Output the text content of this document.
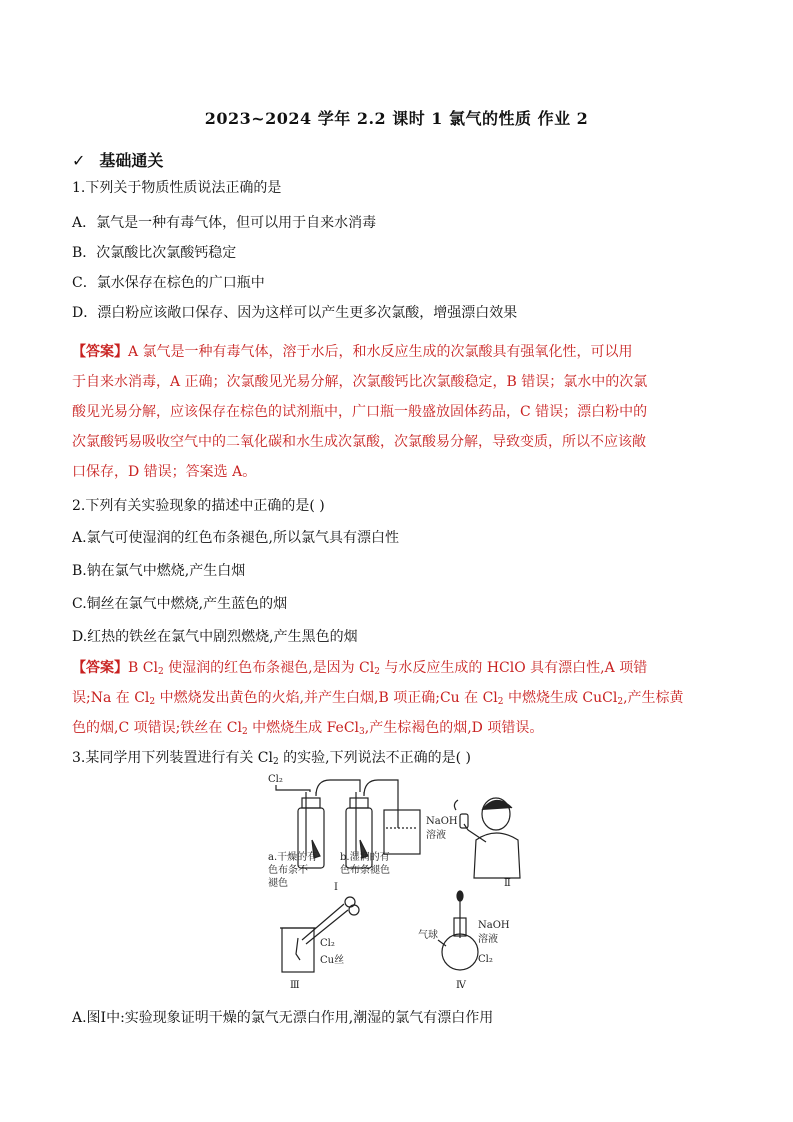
2023~2024 学年 2.2 课时 1 氯气的性质 作业 2
✓ 基础通关
1.下列关于物质性质说法正确的是
A．氯气是一种有毒气体，但可以用于自来水消毒
B．次氯酸比次氯酸钙稳定
C．氯水保存在棕色的广口瓶中
D．漂白粉应该敞口保存、因为这样可以产生更多次氯酸，增强漂白效果
【答案】A 氯气是一种有毒气体，溶于水后，和水反应生成的次氯酸具有强氧化性，可以用
于自来水消毒，A 正确；次氯酸见光易分解，次氯酸钙比次氯酸稳定，B 错误；氯水中的次氯
酸见光易分解，应该保存在棕色的试剂瓶中，广口瓶一般盛放固体药品，C 错误；漂白粉中的
次氯酸钙易吸收空气中的二氧化碳和水生成次氯酸，次氯酸易分解，导致变质，所以不应该敞
口保存，D 错误；答案选 A。
2.下列有关实验现象的描述中正确的是( )
A.氯气可使湿润的红色布条褪色,所以氯气具有漂白性
B.钠在氯气中燃烧,产生白烟
C.铜丝在氯气中燃烧,产生蓝色的烟
D.红热的铁丝在氯气中剧烈燃烧,产生黑色的烟
【答案】B $Cl_2$ 使湿润的红色布条褪色,是因为 $Cl_2$ 与水反应生成的 HClO 具有漂白性,A 项错
误;Na 在 $Cl_2$ 中燃烧发出黄色的火焰,并产生白烟,B 项正确;Cu 在 $Cl_2$ 中燃烧生成 CuCl$_2$,产生棕黄
色的烟,C 项错误;铁丝在 $Cl_2$ 中燃烧生成 FeCl$_3$,产生棕褐色的烟,D 项错误。
3.某同学用下列装置进行有关 $Cl_2$ 的实验,下列说法不正确的是( )
Cl₂
NaOH
溶液
a.干燥的有
色布条不
褪色
b.湿润的有
色布条褪色
Ⅰ	Ⅱ
Cl₂
Cu丝
Ⅲ
气球
NaOH
溶液
Cl₂
Ⅳ
A.图Ⅰ中:实验现象证明干燥的氯气无漂白作用,潮湿的氯气有漂白作用
